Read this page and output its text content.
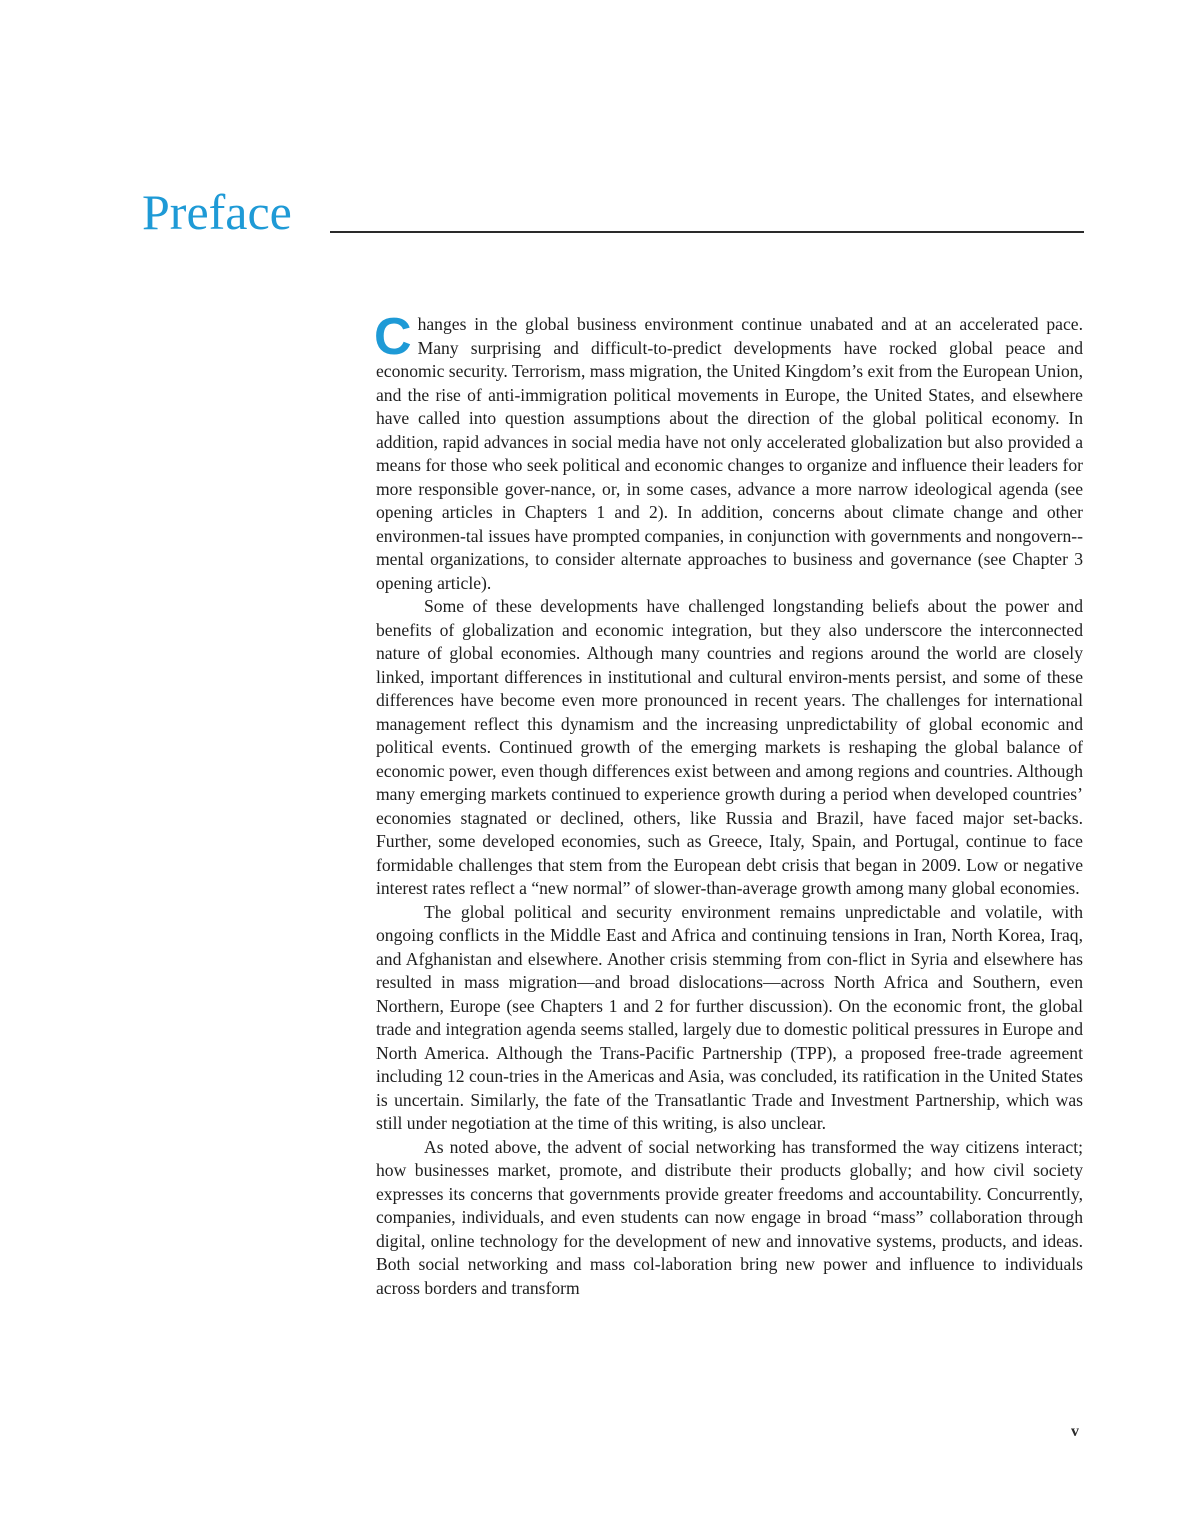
Preface

Changes in the global business environment continue unabated and at an accelerated pace. Many surprising and difficult-to-predict developments have rocked global peace and economic security. Terrorism, mass migration, the United Kingdom’s exit from the European Union, and the rise of anti-immigration political movements in Europe, the United States, and elsewhere have called into question assumptions about the direction of the global political economy. In addition, rapid advances in social media have not only accelerated globalization but also provided a means for those who seek political and economic changes to organize and influence their leaders for more responsible gover-nance, or, in some cases, advance a more narrow ideological agenda (see opening articles in Chapters 1 and 2). In addition, concerns about climate change and other environmen-tal issues have prompted companies, in conjunction with governments and nongovern-mental organizations, to consider alternate approaches to business and governance (see Chapter 3 opening article).

Some of these developments have challenged longstanding beliefs about the power and benefits of globalization and economic integration, but they also underscore the interconnected nature of global economies. Although many countries and regions around the world are closely linked, important differences in institutional and cultural environ-ments persist, and some of these differences have become even more pronounced in recent years. The challenges for international management reflect this dynamism and the increasing unpredictability of global economic and political events. Continued growth of the emerging markets is reshaping the global balance of economic power, even though differences exist between and among regions and countries. Although many emerging markets continued to experience growth during a period when developed countries’ economies stagnated or declined, others, like Russia and Brazil, have faced major set-backs. Further, some developed economies, such as Greece, Italy, Spain, and Portugal, continue to face formidable challenges that stem from the European debt crisis that began in 2009. Low or negative interest rates reflect a “new normal” of slower-than-average growth among many global economies.

The global political and security environment remains unpredictable and volatile, with ongoing conflicts in the Middle East and Africa and continuing tensions in Iran, North Korea, Iraq, and Afghanistan and elsewhere. Another crisis stemming from con-flict in Syria and elsewhere has resulted in mass migration—and broad dislocations—across North Africa and Southern, even Northern, Europe (see Chapters 1 and 2 for further discussion). On the economic front, the global trade and integration agenda seems stalled, largely due to domestic political pressures in Europe and North America. Although the Trans-Pacific Partnership (TPP), a proposed free-trade agreement including 12 coun-tries in the Americas and Asia, was concluded, its ratification in the United States is uncertain. Similarly, the fate of the Transatlantic Trade and Investment Partnership, which was still under negotiation at the time of this writing, is also unclear.

As noted above, the advent of social networking has transformed the way citizens interact; how businesses market, promote, and distribute their products globally; and how civil society expresses its concerns that governments provide greater freedoms and accountability. Concurrently, companies, individuals, and even students can now engage in broad “mass” collaboration through digital, online technology for the development of new and innovative systems, products, and ideas. Both social networking and mass col-laboration bring new power and influence to individuals across borders and transform

v
